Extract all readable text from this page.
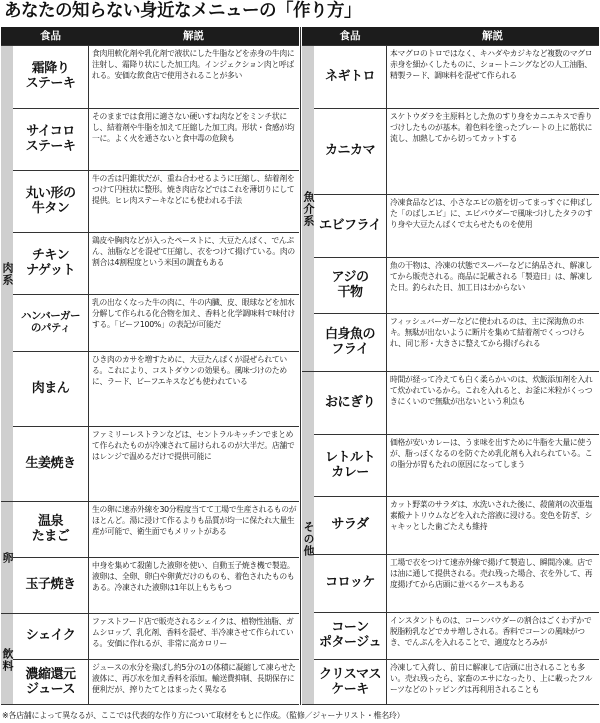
あなたの知らない身近なメニューの「作り方」
食品	解説
肉系
卵
飲料
霜降り
ステーキ
食肉用軟化剤や乳化剤で液状にした牛脂などを赤身の牛肉に注射し、霜降り状にした加工肉。インジェクション肉と呼ばれる。安価な飲食店で使用されることが多い
サイコロ
ステーキ
そのままでは食用に適さない硬いすね肉などをミンチ状にし、結着剤や牛脂を加えて圧縮した加工肉。形状・食感が均一に。よく火を通さないと食中毒の危険も
丸い形の
牛タン
牛の舌は円錐状だが、重ね合わせるように圧縮し、結着剤をつけて円柱状に整形。焼き肉店などではこれを薄切りにして提供。ヒレ肉ステーキなどにも使われる手法
チキン
ナゲット
鶏皮や胸肉などが入ったペーストに、大豆たんぱく、でんぷん、油脂などを混ぜて圧縮し、衣をつけて揚げている。肉の割合は4割程度という米国の調査もある
ハンバーガー
のパティ
乳の出なくなった牛の肉に、牛の内臓、皮、眼球などを加水分解して作られる化合物を加え、香料と化学調味料で味付けする。「ビーフ100%」の表記が可能だ
肉まん
ひき肉のカサを増すために、大豆たんぱくが混ぜられている。これにより、コストダウンの効果も。風味づけのために、ラード、ビーフエキスなども使われている
生姜焼き
ファミリーレストランなどは、セントラルキッチンでまとめて作られたものが冷凍されて届けられるのが大半だ。店舗ではレンジで温めるだけで提供可能に
温泉
たまご
生の卵に速赤外線を30分程度当てて工場で生産されるものがほとんど。湯に浸けて作るよりも品質が均一に保たれ大量生産が可能で、衛生面でもメリットがある
玉子焼き
中身を集めて殺菌した液卵を使い、自動玉子焼き機で製造。液卵は、全卵、卵白や卵黄だけのものも、着色されたものもある。冷凍された液卵は1年以上もちもつ
シェイク
ファストフード店で販売されるシェイクは、植物性油脂、ガムシロップ、乳化剤、香料を混ぜ、半冷凍させて作られている。安価に作れるが、非常に高カロリー
濃縮還元
ジュース
ジュースの水分を飛ばし約5分の1の体積に凝縮して凍らせた液体に、再び水を加え香料を添加。輸送費抑制、長期保存に便利だが、搾りたてとはまったく異なる
食品	解説
魚介系
その他
ネギトロ
本マグロのトロではなく、キハダやカジキなど複数のマグロ赤身を細かくしたものに、ショートニングなどの人工油脂、精製ラード、調味料を混ぜて作られる
カニカマ
スケトウダラを主原料とした魚のすり身をカニエキスで香りづけしたものが基本。着色料を塗ったプレートの上に筋状に流し、加熱してから切ってカットする
エビフライ
冷凍食品などは、小さなエビの筋を切ってまっすぐに伸ばした「のばしエビ」に、エビパウダーで風味づけしたタラのすり身や大豆たんぱくで太らせたものを使用
アジの
干物
魚の干物は、冷凍の状態でスーパーなどに納品され、解凍してから販売される。商品に記載される「製造日」は、解凍した日。釣られた日、加工日はわからない
白身魚の
フライ
フィッシュバーガーなどに使われるのは、主に深海魚のホキ。無駄が出ないように断片を集めて結着剤でくっつけられ、同じ形・大きさに整えてから揚げられる
おにぎり
時間が経って冷えても白く柔らかいのは、炊飯添加剤を入れて炊かれているから。これを入れると、お釜に米粒がくっつきにくいので無駄が出ないという利点も
レトルト
カレー
価格が安いカレーは、うま味を出すために牛脂を大量に使うが、脂っぽくなるのを防ぐため乳化剤も入れられている。この脂分が胃もたれの原因になってしまう
サラダ
カット野菜のサラダは、水洗いされた後に、殺菌剤の次亜塩素酸ナトリウムなどを入れた溶液に浸ける。変色を防ぎ、シャキッとした歯ごたえも維持
コロッケ
工場で衣をつけて速赤外線で揚げて製造し、瞬間冷凍。店では油に通して提供される。売れ残った場合、衣を外して、再度揚げてから店頭に並べるケースもある
コーン
ポタージュ
インスタントものは、コーンパウダーの割合はごくわずかで脱脂粉乳などでカサ増しされる。香料でコーンの風味がつき、でんぷんを入れることで、適度なとろみが
クリスマス
ケーキ
冷凍して入荷し、前日に解凍して店頭に出されることも多い。売れ残ったら、家畜のエサになったり、上に載ったフルーツなどのトッピングは再利用されることも
※各店舗によって異なるが、ここでは代表的な作り方について取材をもとに作成。（監修／ジャーナリスト・椎名玲）
